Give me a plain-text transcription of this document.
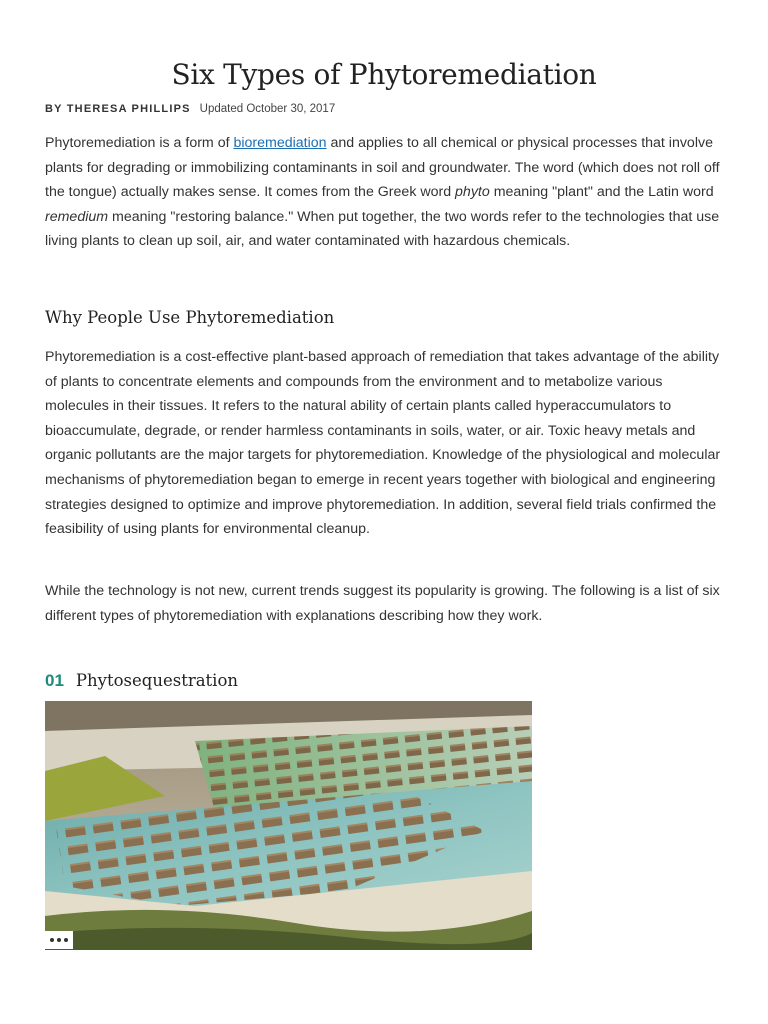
Six Types of Phytoremediation
BY THERESA PHILLIPS Updated October 30, 2017

Phytoremediation is a form of bioremediation and applies to all chemical or physical processes that involve plants for degrading or immobilizing contaminants in soil and groundwater. The word (which does not roll off the tongue) actually makes sense. It comes from the Greek word phyto meaning "plant" and the Latin word remedium meaning "restoring balance." When put together, the two words refer to the technologies that use living plants to clean up soil, air, and water contaminated with hazardous chemicals.

Why People Use Phytoremediation

Phytoremediation is a cost-effective plant-based approach of remediation that takes advantage of the ability of plants to concentrate elements and compounds from the environment and to metabolize various molecules in their tissues. It refers to the natural ability of certain plants called hyperaccumulators to bioaccumulate, degrade, or render harmless contaminants in soils, water, or air. Toxic heavy metals and organic pollutants are the major targets for phytoremediation. Knowledge of the physiological and molecular mechanisms of phytoremediation began to emerge in recent years together with biological and engineering strategies designed to optimize and improve phytoremediation. In addition, several field trials confirmed the feasibility of using plants for environmental cleanup.

While the technology is not new, current trends suggest its popularity is growing. The following is a list of six different types of phytoremediation with explanations describing how they work.

01 Phytosequestration
